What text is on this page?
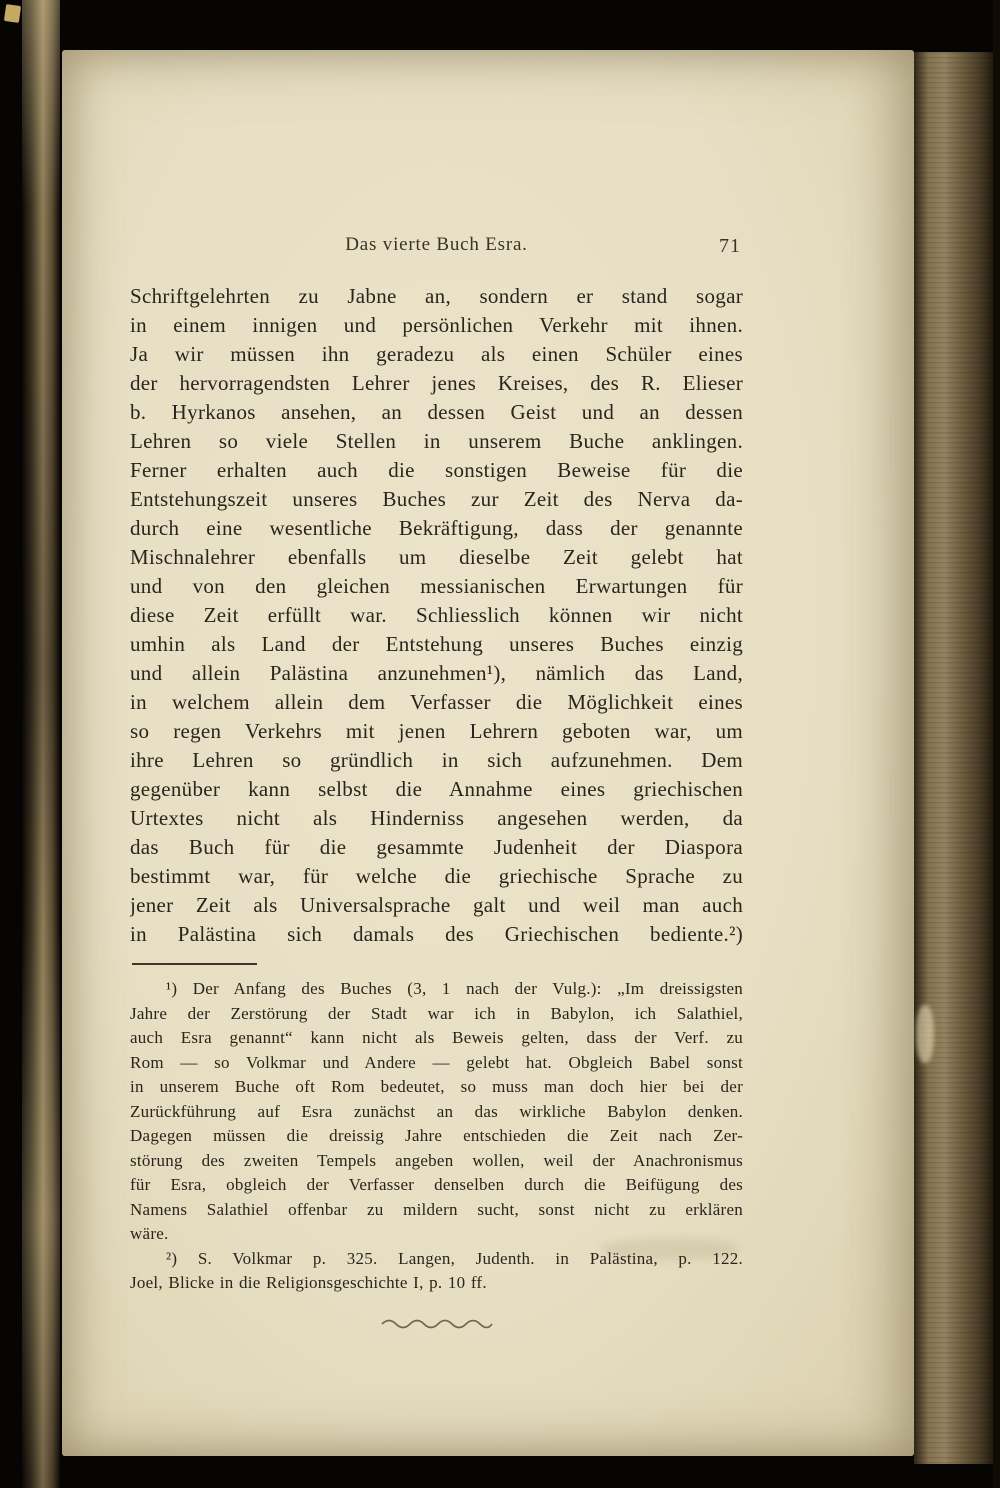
Das vierte Buch Esra.	71
Schriftgelehrten zu Jabne an, sondern er stand sogar
in einem innigen und persönlichen Verkehr mit ihnen.
Ja wir müssen ihn geradezu als einen Schüler eines
der hervorragendsten Lehrer jenes Kreises, des R. Elieser
b. Hyrkanos ansehen, an dessen Geist und an dessen
Lehren so viele Stellen in unserem Buche anklingen.
Ferner erhalten auch die sonstigen Beweise für die
Entstehungszeit unseres Buches zur Zeit des Nerva da-
durch eine wesentliche Bekräftigung, dass der genannte
Mischnalehrer ebenfalls um dieselbe Zeit gelebt hat
und von den gleichen messianischen Erwartungen für
diese Zeit erfüllt war. Schliesslich können wir nicht
umhin als Land der Entstehung unseres Buches einzig
und allein Palästina anzunehmen¹), nämlich das Land,
in welchem allein dem Verfasser die Möglichkeit eines
so regen Verkehrs mit jenen Lehrern geboten war, um
ihre Lehren so gründlich in sich aufzunehmen. Dem
gegenüber kann selbst die Annahme eines griechischen
Urtextes nicht als Hinderniss angesehen werden, da
das Buch für die gesammte Judenheit der Diaspora
bestimmt war, für welche die griechische Sprache zu
jener Zeit als Universalsprache galt und weil man auch
in Palästina sich damals des Griechischen bediente.²)
¹) Der Anfang des Buches (3, 1 nach der Vulg.): „Im dreissigsten
Jahre der Zerstörung der Stadt war ich in Babylon, ich Salathiel,
auch Esra genannt“ kann nicht als Beweis gelten, dass der Verf. zu
Rom — so Volkmar und Andere — gelebt hat. Obgleich Babel sonst
in unserem Buche oft Rom bedeutet, so muss man doch hier bei der
Zurückführung auf Esra zunächst an das wirkliche Babylon denken.
Dagegen müssen die dreissig Jahre entschieden die Zeit nach Zer-
störung des zweiten Tempels angeben wollen, weil der Anachronismus
für Esra, obgleich der Verfasser denselben durch die Beifügung des
Namens Salathiel offenbar zu mildern sucht, sonst nicht zu erklären
wäre.
²) S. Volkmar p. 325. Langen, Judenth. in Palästina, p. 122.
Joel, Blicke in die Religionsgeschichte I, p. 10 ff.
